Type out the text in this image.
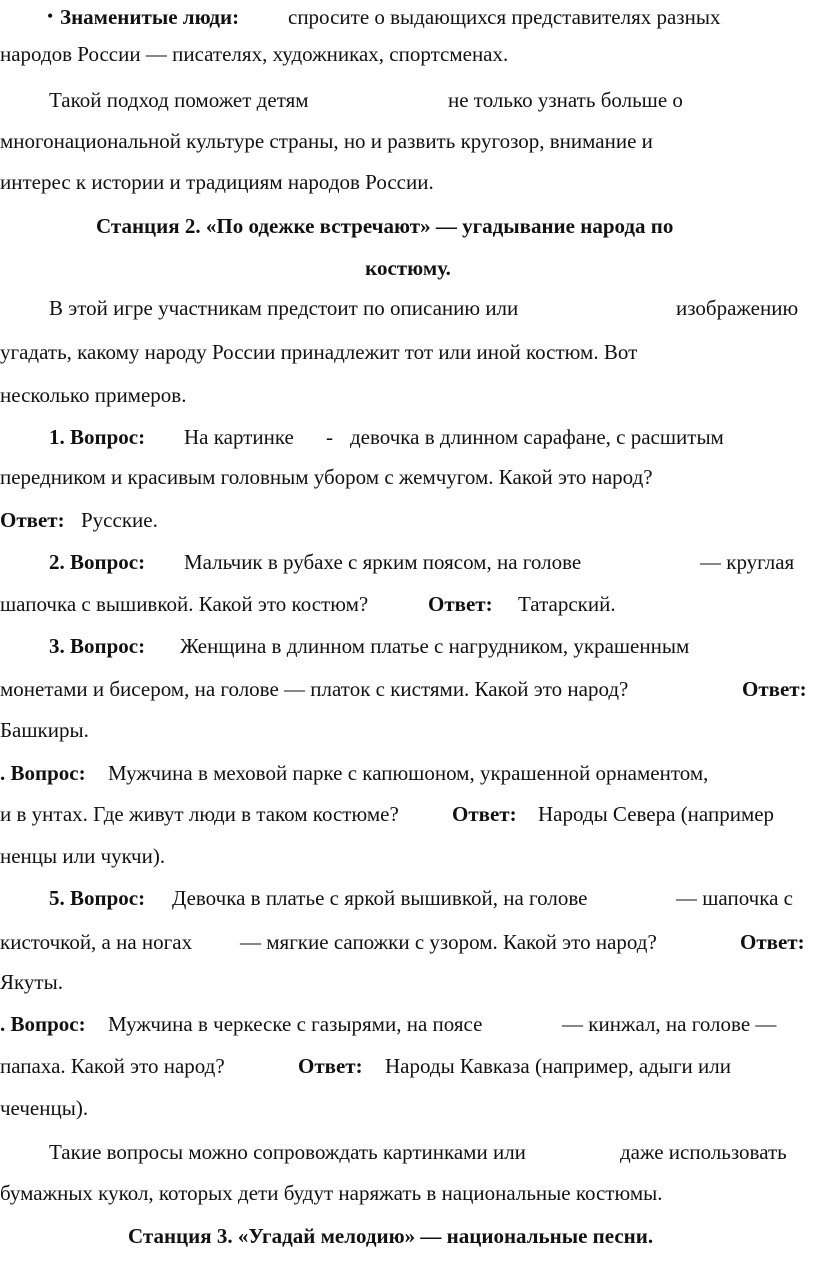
• Знаменитые люди: спросите о выдающихся представителях разных
народов России — писателях, художниках, спортсменах.
Такой подход поможет детям	не только узнать больше о
многонациональной культуре страны, но и развить кругозор, внимание и
интерес к истории и традициям народов России.
Станция 2. «По одежке встречают» — угадывание народа по
костюму.
В этой игре участникам предстоит по описанию или	изображению
угадать, какому народу России принадлежит тот или иной костюм. Вот
несколько примеров.
1. Вопрос: На картинке - девочка в длинном сарафане, с расшитым
передником и красивым головным убором с жемчугом. Какой это народ?
Ответ: Русские.
2. Вопрос: Мальчик в рубахе с ярким поясом, на голове	— круглая
шапочка с вышивкой. Какой это костюм?	Ответ: Татарский.
3. Вопрос: Женщина в длинном платье с нагрудником, украшенным
монетами и бисером, на голове — платок с кистями. Какой это народ?	Ответ:
Башкиры.
. Вопрос: Мужчина в меховой парке с капюшоном, украшенной орнаментом,
и в унтах. Где живут люди в таком костюме?	Ответ: Народы Севера (например
ненцы или чукчи).
5. Вопрос: Девочка в платье с яркой вышивкой, на голове	— шапочка с
кисточкой, а на ногах — мягкие сапожки с узором. Какой это народ?	Ответ:
Якуты.
. Вопрос: Мужчина в черкеске с газырями, на поясе	— кинжал, на голове —
папаха. Какой это народ?	Ответ: Народы Кавказа (например, адыги или
чеченцы).
Такие вопросы можно сопровождать картинками или	даже использовать
бумажных кукол, которых дети будут наряжать в национальные костюмы.
Станция 3. «Угадай мелодию» — национальные песни.
